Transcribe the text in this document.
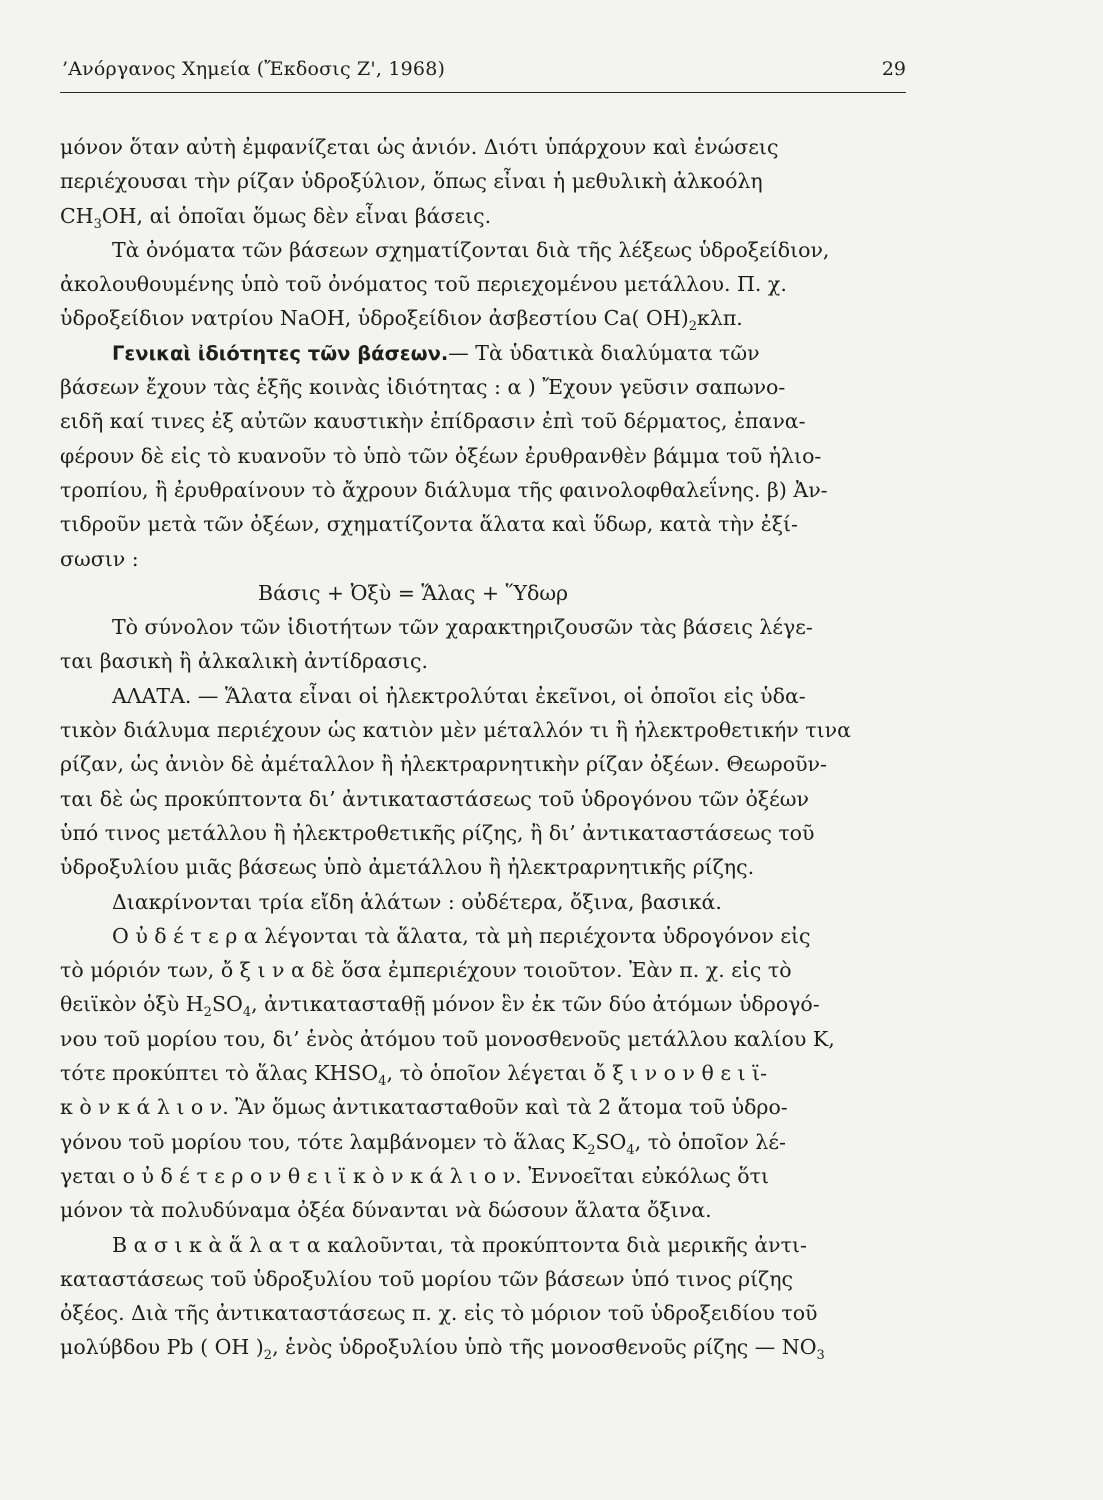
’Ανόργανος Χημεία (Ἔκδοσις Ζ', 1968)	29
μόνον ὅταν αὐτὴ ἐμφανίζεται ὡς ἀνιόν. Διότι ὑπάρχουν καὶ ἑνώσεις
περιέχουσαι τὴν ρίζαν ὑδροξύλιον, ὅπως εἶναι ἡ μεθυλικὴ ἀλκοόλη
CH3OH, αἱ ὁποῖαι ὅμως δὲν εἶναι βάσεις.
Τὰ ὀνόματα τῶν βάσεων σχηματίζονται διὰ τῆς λέξεως ὑδροξείδιον,
ἀκολουθουμένης ὑπὸ τοῦ ὀνόματος τοῦ περιεχομένου μετάλλου. Π. χ.
ὑδροξείδιον νατρίου NaOH, ὑδροξείδιον ἀσβεστίου Ca( OH)2κλπ.
Γενικαὶ ἰδιότητες τῶν βάσεων.— Τὰ ὑδατικὰ διαλύματα τῶν
βάσεων ἔχουν τὰς ἑξῆς κοινὰς ἰδιότητας : α ) Ἔχουν γεῦσιν σαπωνο-
ειδῆ καί τινες ἐξ αὐτῶν καυστικὴν ἐπίδρασιν ἐπὶ τοῦ δέρματος, ἐπανα-
φέρουν δὲ εἰς τὸ κυανοῦν τὸ ὑπὸ τῶν ὀξέων ἐρυθρανθὲν βάμμα τοῦ ἡλιο-
τροπίου, ἢ ἐρυθραίνουν τὸ ἄχρουν διάλυμα τῆς φαινολοφθαλεΐνης. β) Ἀν-
τιδροῦν μετὰ τῶν ὀξέων, σχηματίζοντα ἅλατα καὶ ὕδωρ, κατὰ τὴν ἐξί-
σωσιν :
Βάσις + Ὀξὺ = Ἅλας + Ὕδωρ
Τὸ σύνολον τῶν ἰδιοτήτων τῶν χαρακτηριζουσῶν τὰς βάσεις λέγε-
ται βασικὴ ἢ ἀλκαλικὴ ἀντίδρασις.
ΑΛΑΤΑ. — Ἅλατα εἶναι οἱ ἠλεκτρολύται ἐκεῖνοι, οἱ ὁποῖοι εἰς ὑδα-
τικὸν διάλυμα περιέχουν ὡς κατιὸν μὲν μέταλλόν τι ἢ ἠλεκτροθετικήν τινα
ρίζαν, ὡς ἀνιὸν δὲ ἀμέταλλον ἢ ἠλεκτραρνητικὴν ρίζαν ὀξέων. Θεωροῦν-
ται δὲ ὡς προκύπτοντα δι’ ἀντικαταστάσεως τοῦ ὑδρογόνου τῶν ὀξέων
ὑπό τινος μετάλλου ἢ ἠλεκτροθετικῆς ρίζης, ἢ δι’ ἀντικαταστάσεως τοῦ
ὑδροξυλίου μιᾶς βάσεως ὑπὸ ἀμετάλλου ἢ ἠλεκτραρνητικῆς ρίζης.
Διακρίνονται τρία εἴδη ἁλάτων : οὐδέτερα, ὄξινα, βασικά.
Ο ὐ δ έ τ ε ρ α λέγονται τὰ ἅλατα, τὰ μὴ περιέχοντα ὑδρογόνον εἰς
τὸ μόριόν των, ὄ ξ ι ν α δὲ ὅσα ἐμπεριέχουν τοιοῦτον. Ἐὰν π. χ. εἰς τὸ
θειϊκὸν ὀξὺ H2SO4, ἀντικατασταθῇ μόνον ἓν ἐκ τῶν δύο ἀτόμων ὑδρογό-
νου τοῦ μορίου του, δι’ ἑνὸς ἀτόμου τοῦ μονοσθενοῦς μετάλλου καλίου K,
τότε προκύπτει τὸ ἅλας KHSO4, τὸ ὁποῖον λέγεται ὄ ξ ι ν ο ν θ ε ι ϊ-
κ ὸ ν κ ά λ ι ο ν. Ἂν ὅμως ἀντικατασταθοῦν καὶ τὰ 2 ἄτομα τοῦ ὑδρο-
γόνου τοῦ μορίου του, τότε λαμβάνομεν τὸ ἅλας K2SO4, τὸ ὁποῖον λέ-
γεται ο ὐ δ έ τ ε ρ ο ν θ ε ι ϊ κ ὸ ν κ ά λ ι ο ν. Ἐννοεῖται εὐκόλως ὅτι
μόνον τὰ πολυδύναμα ὀξέα δύνανται νὰ δώσουν ἅλατα ὄξινα.
Β α σ ι κ ὰ ἅ λ α τ α καλοῦνται, τὰ προκύπτοντα διὰ μερικῆς ἀντι-
καταστάσεως τοῦ ὑδροξυλίου τοῦ μορίου τῶν βάσεων ὑπό τινος ρίζης
ὀξέος. Διὰ τῆς ἀντικαταστάσεως π. χ. εἰς τὸ μόριον τοῦ ὑδροξειδίου τοῦ
μολύβδου Pb ( OH )2, ἑνὸς ὑδροξυλίου ὑπὸ τῆς μονοσθενοῦς ρίζης — NO3
